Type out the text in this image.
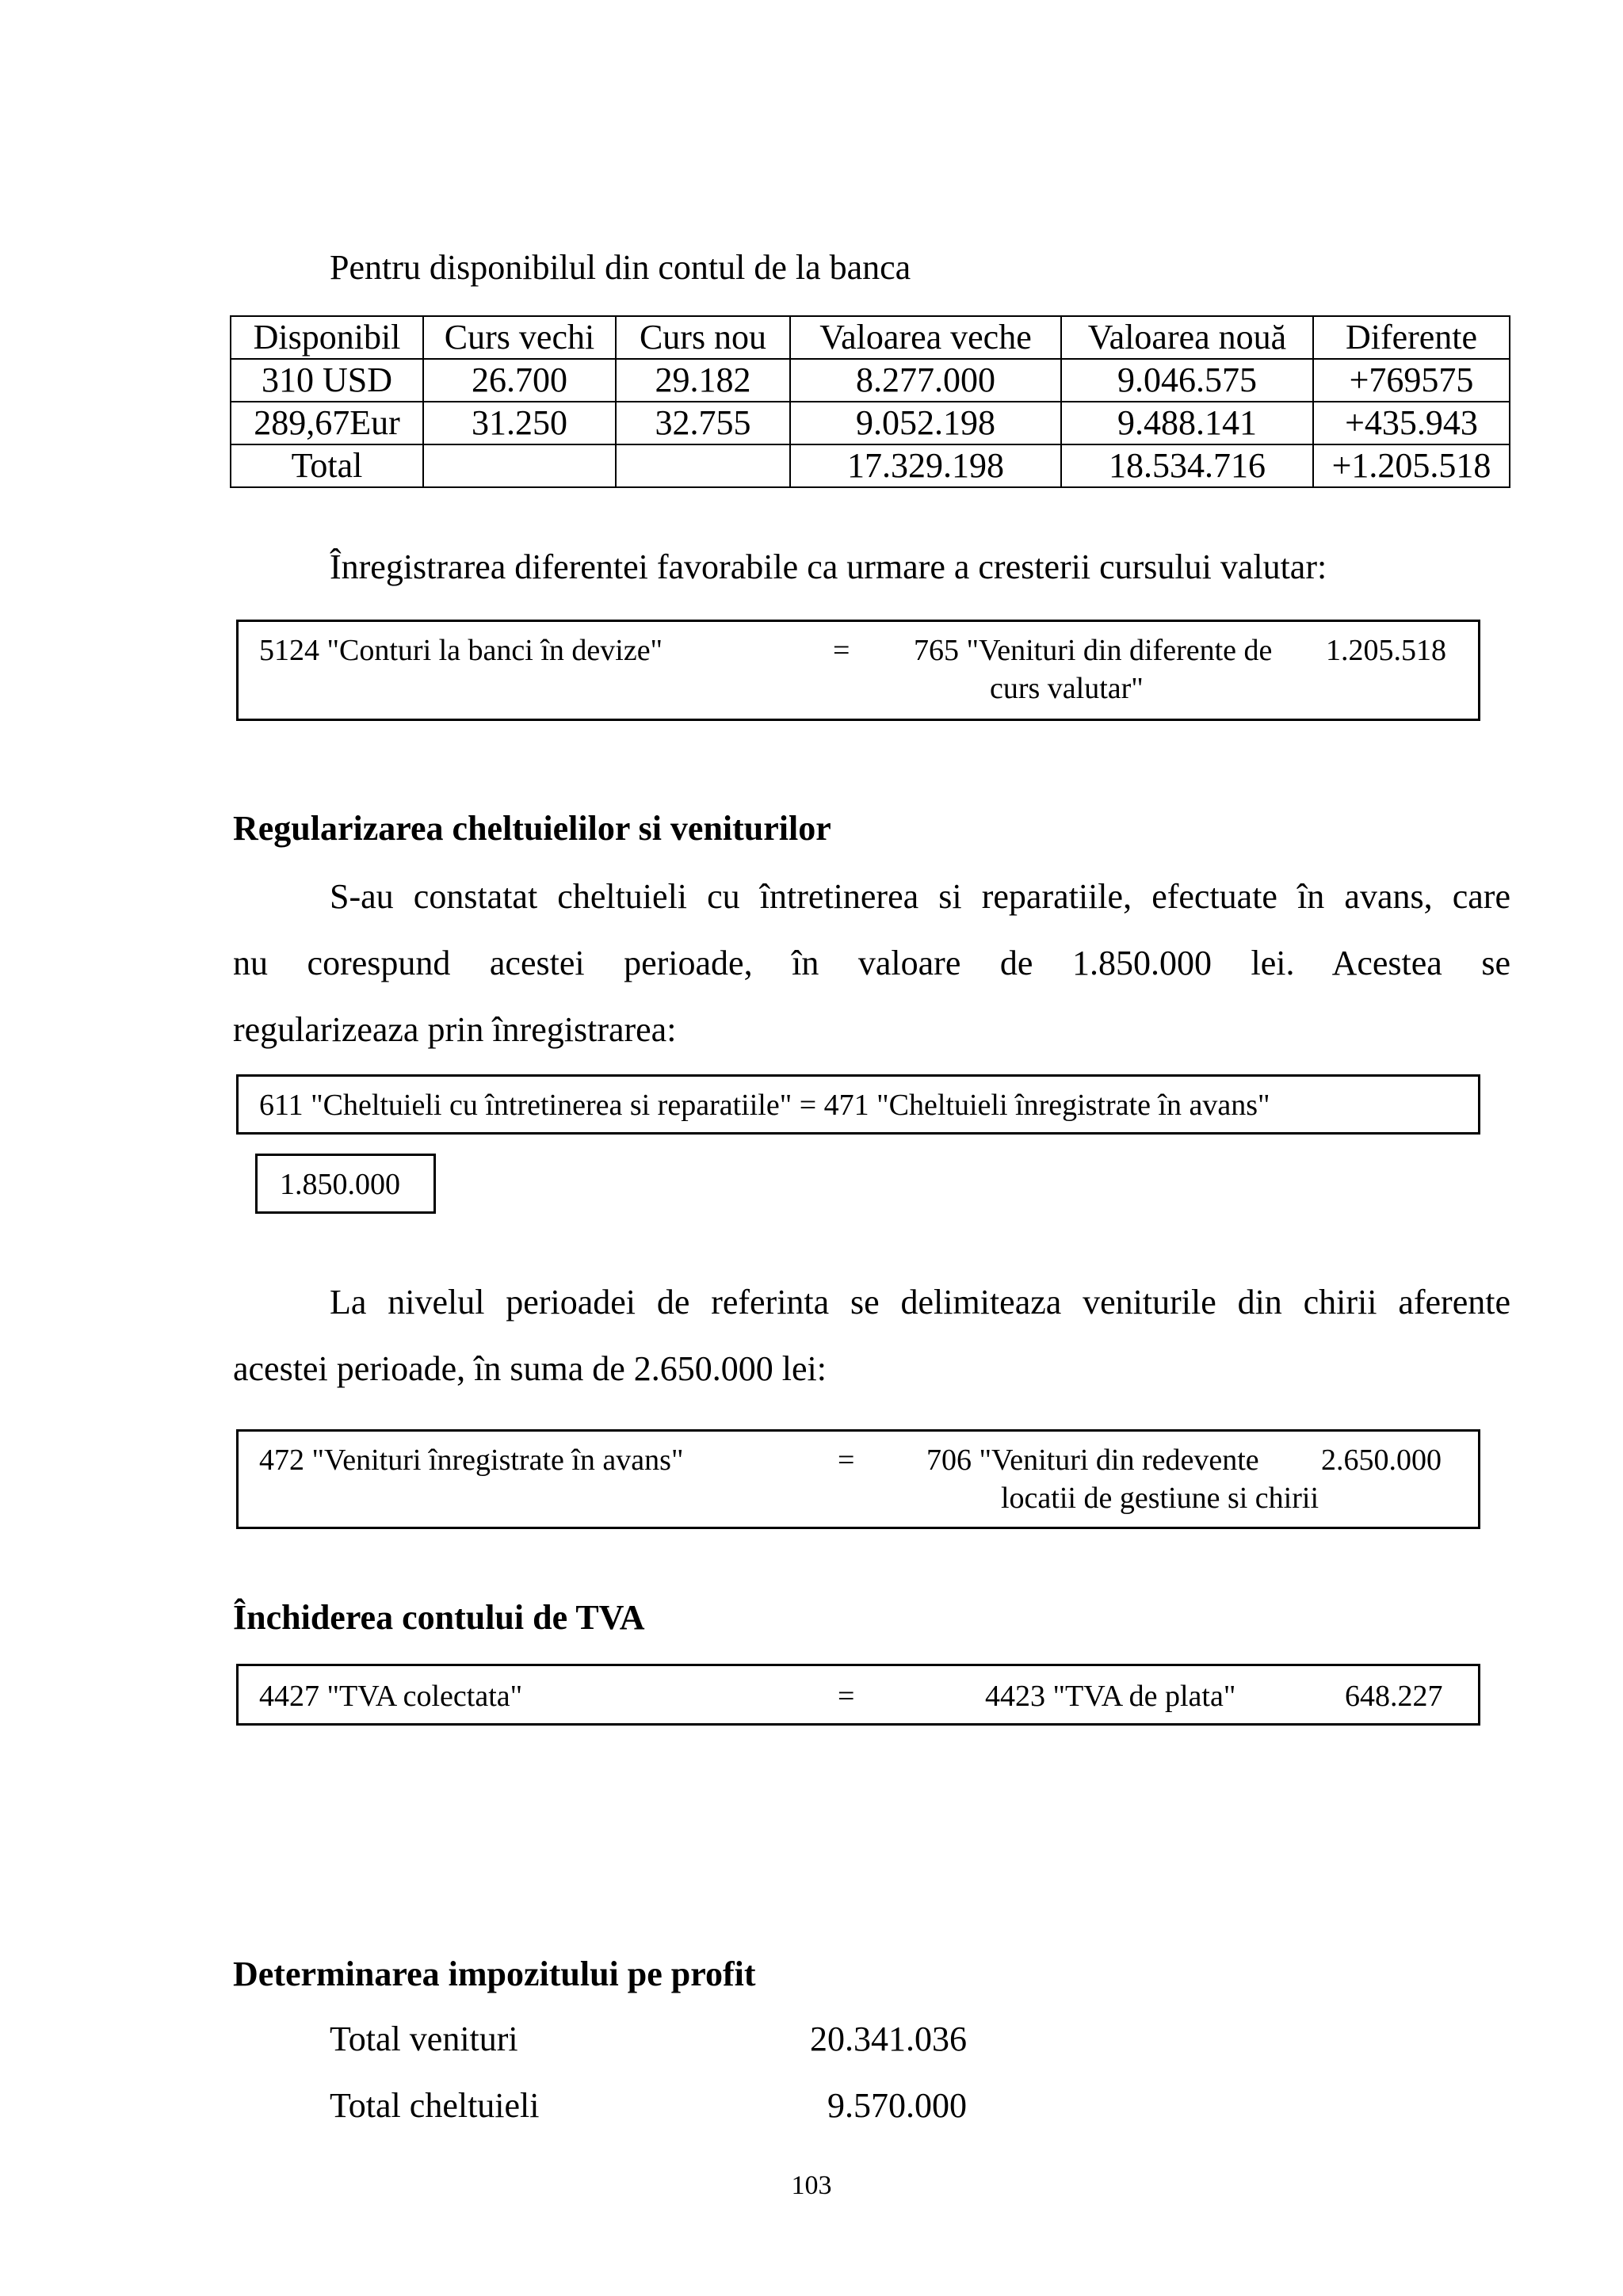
Pentru disponibilul din contul de la banca
Disponibil	Curs vechi	Curs nou	Valoarea veche	Valoarea nouă	Diferente
310 USD	26.700	29.182	8.277.000	9.046.575	+769575
289,67Eur	31.250	32.755	9.052.198	9.488.141	+435.943
Total			17.329.198	18.534.716	+1.205.518
Înregistrarea diferentei favorabile ca urmare a cresterii cursului valutar:
5124 "Conturi la banci în devize"	= 765 "Venituri din diferente de
curs valutar"
1.205.518
Regularizarea cheltuielilor si veniturilor
S-au constatat cheltuieli cu întretinerea si reparatiile, efectuate în avans, care
nu corespund acestei perioade, în valoare de 1.850.000 lei. Acestea se
regularizeaza prin înregistrarea:
611 "Cheltuieli cu întretinerea si reparatiile" = 471 "Cheltuieli înregistrate în avans"
1.850.000
La nivelul perioadei de referinta se delimiteaza veniturile din chirii aferente
acestei perioade, în suma de 2.650.000 lei:
472 "Venituri înregistrate în avans"	= 706 "Venituri din redevente
locatii de gestiune si chirii
2.650.000
Închiderea contului de TVA
4427 "TVA colectata"	=	4423 "TVA de plata"	648.227
Determinarea impozitului pe profit
Total venituri	20.341.036
Total cheltuieli	9.570.000
103
